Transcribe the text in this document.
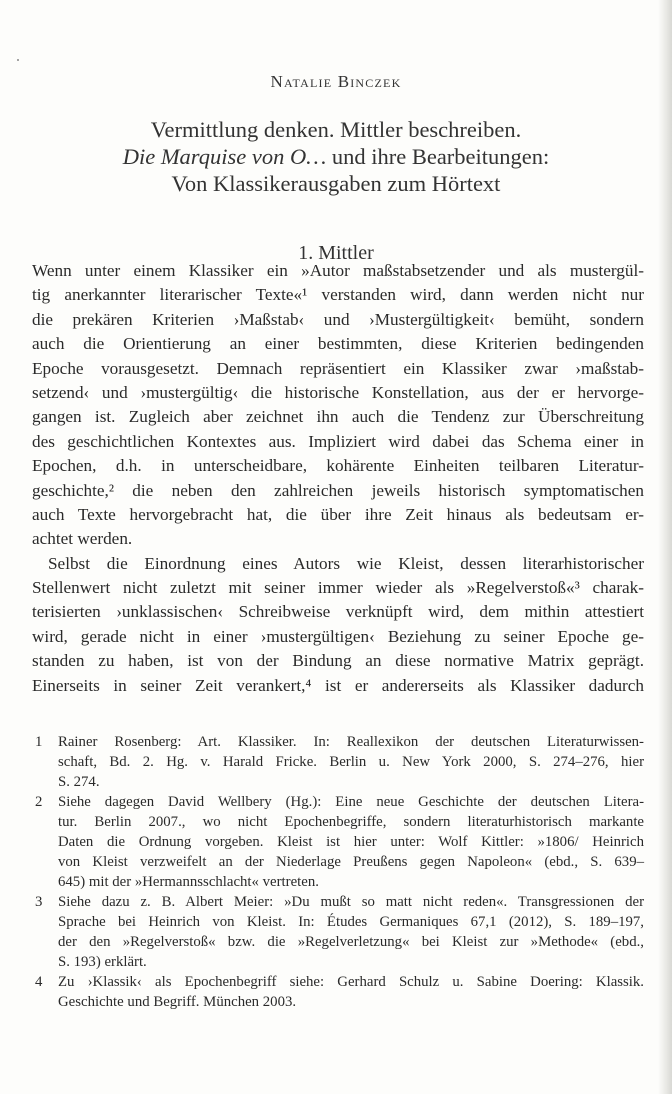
Natalie Binczek
Vermittlung denken. Mittler beschreiben.
Die Marquise von O… und ihre Bearbeitungen:
Von Klassikerausgaben zum Hörtext
1. Mittler
Wenn unter einem Klassiker ein »Autor maßstabsetzender und als mustergül-
tig anerkannter literarischer Texte«¹ verstanden wird, dann werden nicht nur
die prekären Kriterien ›Maßstab‹ und ›Mustergültigkeit‹ bemüht, sondern
auch die Orientierung an einer bestimmten, diese Kriterien bedingenden
Epoche vorausgesetzt. Demnach repräsentiert ein Klassiker zwar ›maßstab-
setzend‹ und ›mustergültig‹ die historische Konstellation, aus der er hervorge-
gangen ist. Zugleich aber zeichnet ihn auch die Tendenz zur Überschreitung
des geschichtlichen Kontextes aus. Impliziert wird dabei das Schema einer in
Epochen, d.h. in unterscheidbare, kohärente Einheiten teilbaren Literatur-
geschichte,² die neben den zahlreichen jeweils historisch symptomatischen
auch Texte hervorgebracht hat, die über ihre Zeit hinaus als bedeutsam er-
achtet werden.
Selbst die Einordnung eines Autors wie Kleist, dessen literarhistorischer
Stellenwert nicht zuletzt mit seiner immer wieder als »Regelverstoß«³ charak-
terisierten ›unklassischen‹ Schreibweise verknüpft wird, dem mithin attestiert
wird, gerade nicht in einer ›mustergültigen‹ Beziehung zu seiner Epoche ge-
standen zu haben, ist von der Bindung an diese normative Matrix geprägt.
Einerseits in seiner Zeit verankert,⁴ ist er andererseits als Klassiker dadurch
1 Rainer Rosenberg: Art. Klassiker. In: Reallexikon der deutschen Literaturwissen-
schaft, Bd. 2. Hg. v. Harald Fricke. Berlin u. New York 2000, S. 274–276, hier
S. 274.
2 Siehe dagegen David Wellbery (Hg.): Eine neue Geschichte der deutschen Litera-
tur. Berlin 2007., wo nicht Epochenbegriffe, sondern literaturhistorisch markante
Daten die Ordnung vorgeben. Kleist ist hier unter: Wolf Kittler: »1806/ Heinrich
von Kleist verzweifelt an der Niederlage Preußens gegen Napoleon« (ebd., S. 639–
645) mit der »Hermannsschlacht« vertreten.
3 Siehe dazu z. B. Albert Meier: »Du mußt so matt nicht reden«. Transgressionen der
Sprache bei Heinrich von Kleist. In: Études Germaniques 67,1 (2012), S. 189–197,
der den »Regelverstoß« bzw. die »Regelverletzung« bei Kleist zur »Methode« (ebd.,
S. 193) erklärt.
4 Zu ›Klassik‹ als Epochenbegriff siehe: Gerhard Schulz u. Sabine Doering: Klassik.
Geschichte und Begriff. München 2003.
